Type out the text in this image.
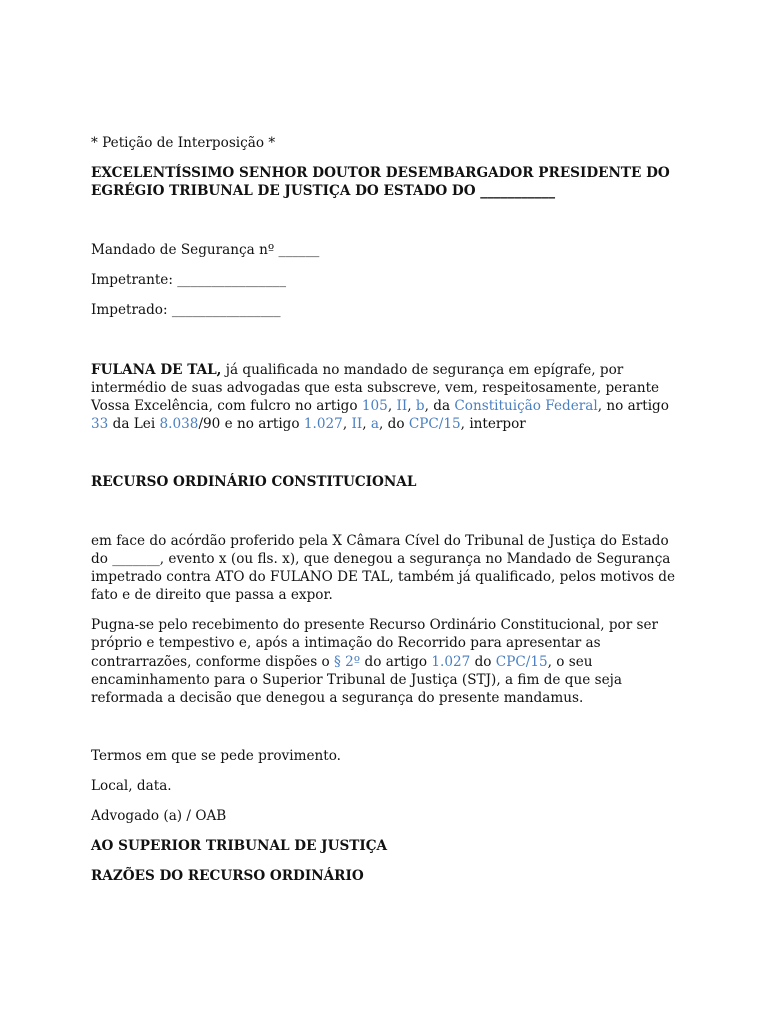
* Petição de Interposição *

EXCELENTÍSSIMO SENHOR DOUTOR DESEMBARGADOR PRESIDENTE DO EGRÉGIO TRIBUNAL DE JUSTIÇA DO ESTADO DO ___________

Mandado de Segurança nº ______

Impetrante: ________________

Impetrado: ________________

FULANA DE TAL, já qualificada no mandado de segurança em epígrafe, por intermédio de suas advogadas que esta subscreve, vem, respeitosamente, perante Vossa Excelência, com fulcro no artigo 105, II, b, da Constituição Federal, no artigo 33 da Lei 8.038/90 e no artigo 1.027, II, a, do CPC/15, interpor

RECURSO ORDINÁRIO CONSTITUCIONAL

em face do acórdão proferido pela X Câmara Cível do Tribunal de Justiça do Estado do _______, evento x (ou fls. x), que denegou a segurança no Mandado de Segurança impetrado contra ATO do FULANO DE TAL, também já qualificado, pelos motivos de fato e de direito que passa a expor.

Pugna-se pelo recebimento do presente Recurso Ordinário Constitucional, por ser próprio e tempestivo e, após a intimação do Recorrido para apresentar as contrarrazões, conforme dispões o § 2º do artigo 1.027 do CPC/15, o seu encaminhamento para o Superior Tribunal de Justiça (STJ), a fim de que seja reformada a decisão que denegou a segurança do presente mandamus.

Termos em que se pede provimento.

Local, data.

Advogado (a) / OAB

AO SUPERIOR TRIBUNAL DE JUSTIÇA

RAZÕES DO RECURSO ORDINÁRIO
